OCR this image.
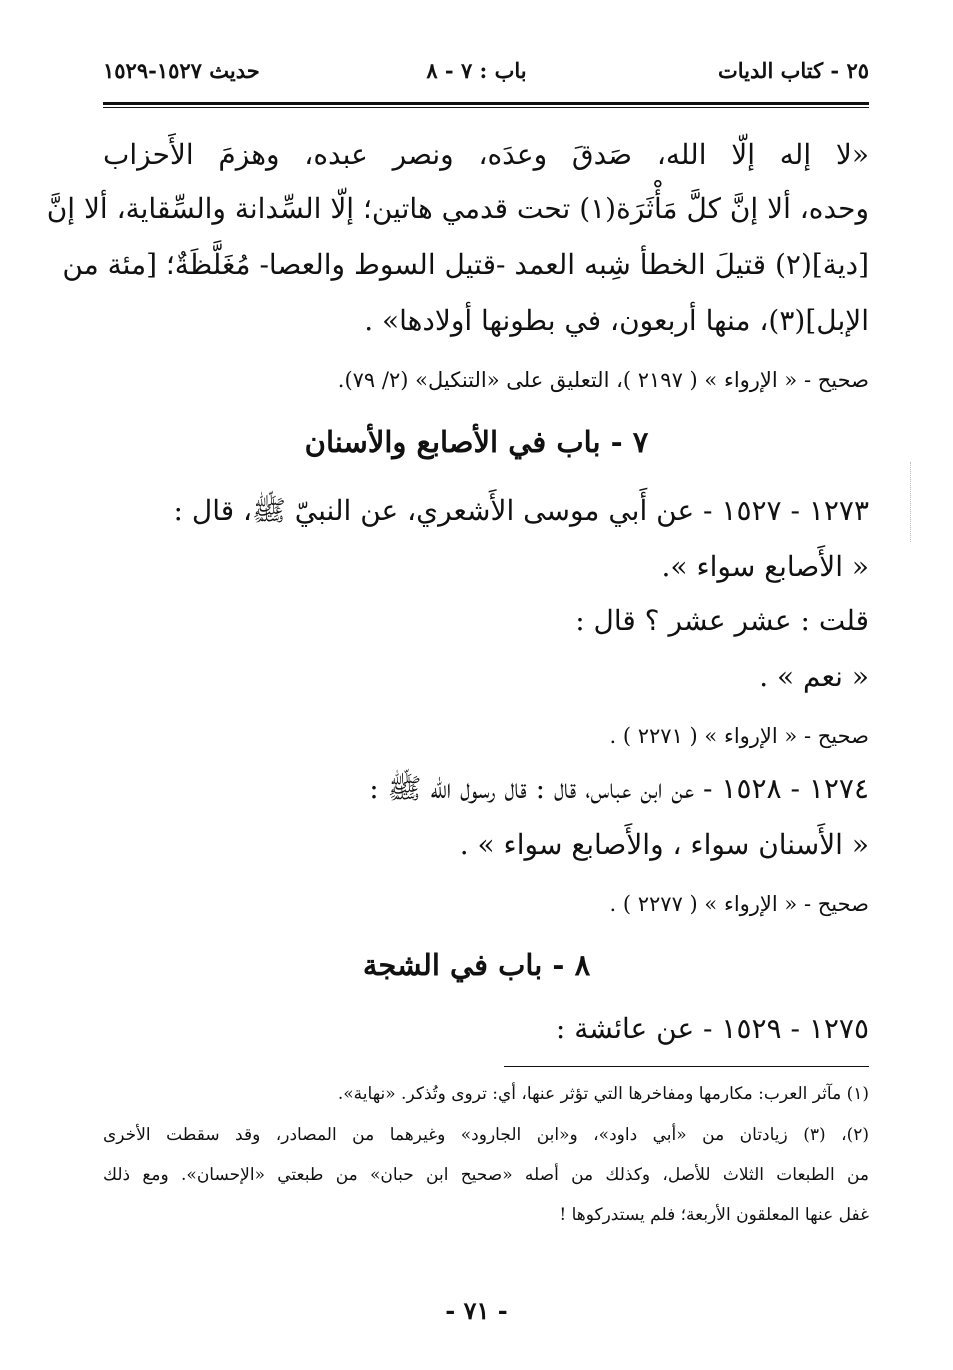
٢٥ - كتاب الديات
باب : ٧ - ٨
حديث ١٥٢٧-١٥٢٩
«لا إله إلّا الله، صَدقَ وعدَه، ونصر عبده، وهزمَ الأَحزاب
وحده، ألا إنَّ كلَّ مَأْثَرَة(١) تحت قدمي هاتين؛ إلّا السِّدانة والسِّقاية، ألا إنَّ
[دية](٢) قتيلَ الخطأ شِبه العمد -قتيل السوط والعصا- مُغَلَّظَةٌ؛ [مئة من
الإبل](٣)، منها أربعون، في بطونها أولادها» .
صحيح - « الإرواء » ( ٢١٩٧ )، التعليق على «التنكيل» (٢/ ٧٩).
٧ - باب في الأصابع والأسنان
١٢٧٣ - ١٥٢٧ - عن أَبي موسى الأَشعري، عن النبيّ ﷺ، قال :
« الأَصابع سواء ».
قلت : عشر عشر ؟ قال :
« نعم » .
صحيح - « الإرواء » ( ٢٢٧١ ) .
١٢٧٤ - ١٥٢٨ - عن ابن عباس، قال : قال رسول الله ﷺ :
« الأَسنان سواء ، والأَصابع سواء » .
صحيح - « الإرواء » ( ٢٢٧٧ ) .
٨ - باب في الشجة
١٢٧٥ - ١٥٢٩ - عن عائشة :
(١) مآثر العرب: مكارمها ومفاخرها التي تؤثر عنها، أي: تروى وتُذكر. «نهاية».
(٢)، (٣) زيادتان من «أبي داود»، و«ابن الجارود» وغيرهما من المصادر، وقد سقطت الأخرى
من الطبعات الثلاث للأصل، وكذلك من أصله «صحيح ابن حبان» من طبعتي «الإحسان». ومع ذلك
غفل عنها المعلقون الأربعة؛ فلم يستدركوها !
- ٧١ -
